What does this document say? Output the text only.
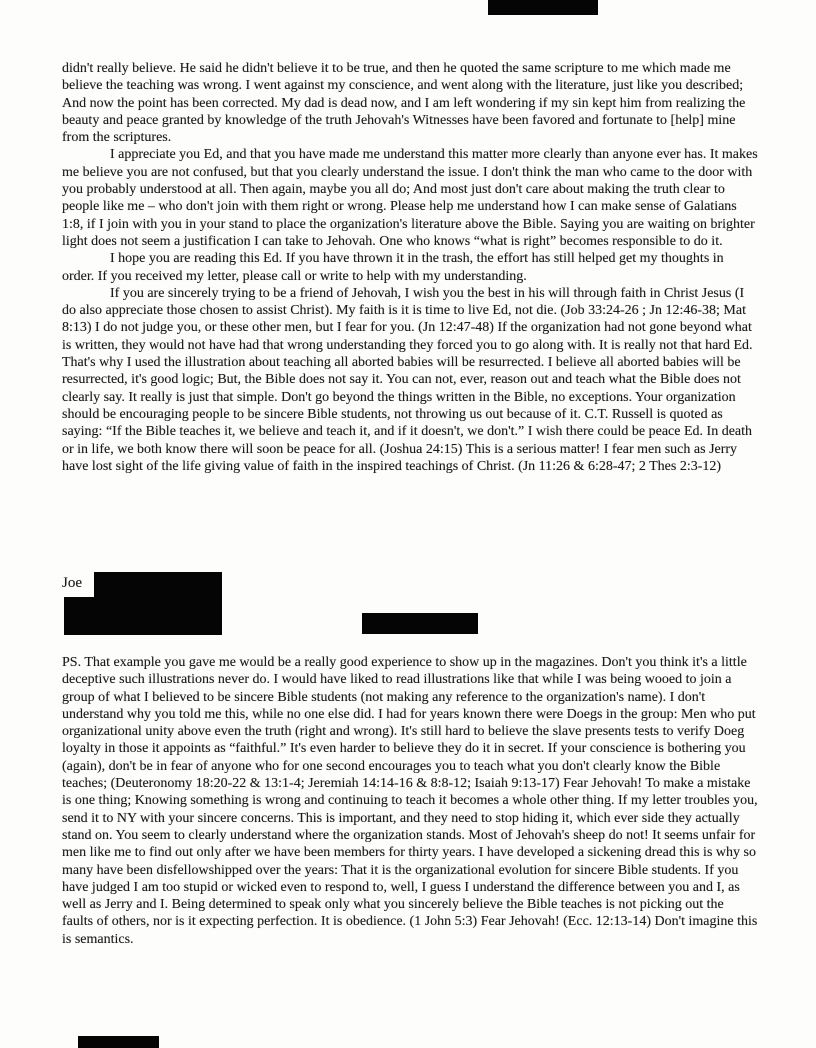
didn't really believe. He said he didn't believe it to be true, and then he quoted the same scripture to me which made me believe the teaching was wrong. I went against my conscience, and went along with the literature, just like you described; And now the point has been corrected. My dad is dead now, and I am left wondering if my sin kept him from realizing the beauty and peace granted by knowledge of the truth Jehovah's Witnesses have been favored and fortunate to [help] mine from the scriptures.

I appreciate you Ed, and that you have made me understand this matter more clearly than anyone ever has. It makes me believe you are not confused, but that you clearly understand the issue. I don't think the man who came to the door with you probably understood at all. Then again, maybe you all do; And most just don't care about making the truth clear to people like me – who don't join with them right or wrong. Please help me understand how I can make sense of Galatians 1:8, if I join with you in your stand to place the organization's literature above the Bible. Saying you are waiting on brighter light does not seem a justification I can take to Jehovah. One who knows “what is right” becomes responsible to do it.

I hope you are reading this Ed. If you have thrown it in the trash, the effort has still helped get my thoughts in order. If you received my letter, please call or write to help with my understanding.

If you are sincerely trying to be a friend of Jehovah, I wish you the best in his will through faith in Christ Jesus (I do also appreciate those chosen to assist Christ). My faith is it is time to live Ed, not die. (Job 33:24-26 ; Jn 12:46-38; Mat 8:13) I do not judge you, or these other men, but I fear for you. (Jn 12:47-48) If the organization had not gone beyond what is written, they would not have had that wrong understanding they forced you to go along with. It is really not that hard Ed. That's why I used the illustration about teaching all aborted babies will be resurrected. I believe all aborted babies will be resurrected, it's good logic; But, the Bible does not say it. You can not, ever, reason out and teach what the Bible does not clearly say. It really is just that simple. Don't go beyond the things written in the Bible, no exceptions. Your organization should be encouraging people to be sincere Bible students, not throwing us out because of it. C.T. Russell is quoted as saying: “If the Bible teaches it, we believe and teach it, and if it doesn't, we don't.” I wish there could be peace Ed. In death or in life, we both know there will soon be peace for all. (Joshua 24:15) This is a serious matter! I fear men such as Jerry have lost sight of the life giving value of faith in the inspired teachings of Christ. (Jn 11:26 & 6:28-47; 2 Thes 2:3-12)

Joe

PS. That example you gave me would be a really good experience to show up in the magazines. Don't you think it's a little deceptive such illustrations never do. I would have liked to read illustrations like that while I was being wooed to join a group of what I believed to be sincere Bible students (not making any reference to the organization's name). I don't understand why you told me this, while no one else did. I had for years known there were Doegs in the group: Men who put organizational unity above even the truth (right and wrong). It's still hard to believe the slave presents tests to verify Doeg loyalty in those it appoints as “faithful.” It's even harder to believe they do it in secret. If your conscience is bothering you (again), don't be in fear of anyone who for one second encourages you to teach what you don't clearly know the Bible teaches; (Deuteronomy 18:20-22 & 13:1-4; Jeremiah 14:14-16 & 8:8-12; Isaiah 9:13-17) Fear Jehovah! To make a mistake is one thing; Knowing something is wrong and continuing to teach it becomes a whole other thing. If my letter troubles you, send it to NY with your sincere concerns. This is important, and they need to stop hiding it, which ever side they actually stand on. You seem to clearly understand where the organization stands. Most of Jehovah's sheep do not! It seems unfair for men like me to find out only after we have been members for thirty years. I have developed a sickening dread this is why so many have been disfellowshipped over the years: That it is the organizational evolution for sincere Bible students. If you have judged I am too stupid or wicked even to respond to, well, I guess I understand the difference between you and I, as well as Jerry and I. Being determined to speak only what you sincerely believe the Bible teaches is not picking out the faults of others, nor is it expecting perfection. It is obedience. (1 John 5:3) Fear Jehovah! (Ecc. 12:13-14) Don't imagine this is semantics.
